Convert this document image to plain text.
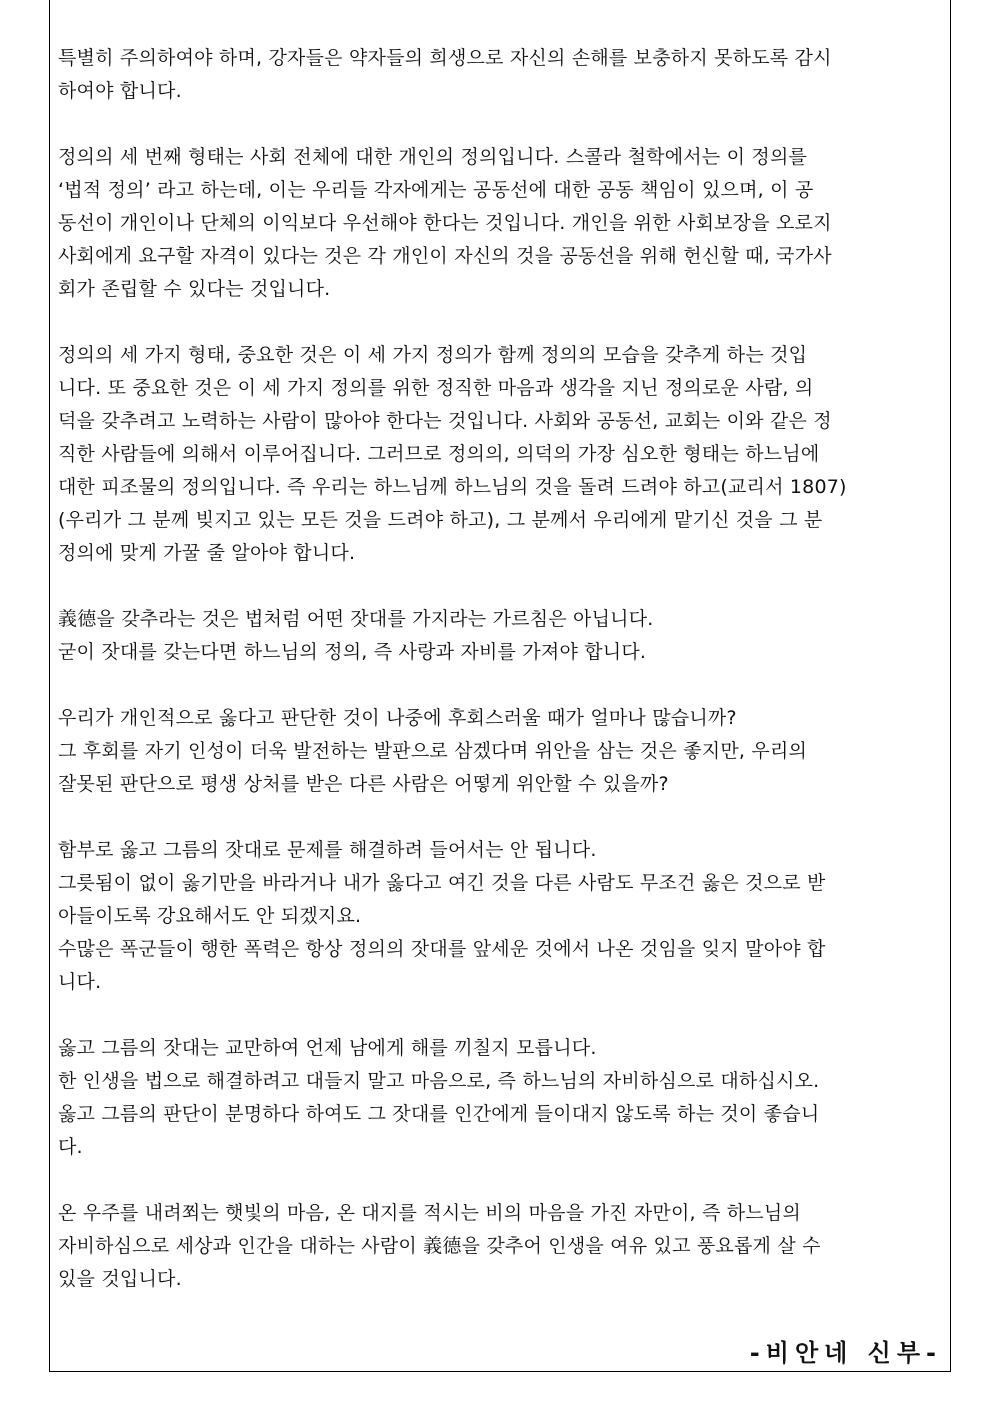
특별히 주의하여야 하며, 강자들은 약자들의 희생으로 자신의 손해를 보충하지 못하도록 감시
하여야 합니다.

정의의 세 번째 형태는 사회 전체에 대한 개인의 정의입니다. 스콜라 철학에서는 이 정의를
‘법적 정의’ 라고 하는데, 이는 우리들 각자에게는 공동선에 대한 공동 책임이 있으며, 이 공
동선이 개인이나 단체의 이익보다 우선해야 한다는 것입니다. 개인을 위한 사회보장을 오로지
사회에게 요구할 자격이 있다는 것은 각 개인이 자신의 것을 공동선을 위해 헌신할 때, 국가사
회가 존립할 수 있다는 것입니다.

정의의 세 가지 형태, 중요한 것은 이 세 가지 정의가 함께 정의의 모습을 갖추게 하는 것입
니다. 또 중요한 것은 이 세 가지 정의를 위한 정직한 마음과 생각을 지닌 정의로운 사람, 의
덕을 갖추려고 노력하는 사람이 많아야 한다는 것입니다. 사회와 공동선, 교회는 이와 같은 정
직한 사람들에 의해서 이루어집니다. 그러므로 정의의, 의덕의 가장 심오한 형태는 하느님에
대한 피조물의 정의입니다. 즉 우리는 하느님께 하느님의 것을 돌려 드려야 하고(교리서 1807)
(우리가 그 분께 빚지고 있는 모든 것을 드려야 하고), 그 분께서 우리에게 맡기신 것을 그 분
정의에 맞게 가꿀 줄 알아야 합니다.

義德을 갖추라는 것은 법처럼 어떤 잣대를 가지라는 가르침은 아닙니다.
굳이 잣대를 갖는다면 하느님의 정의, 즉 사랑과 자비를 가져야 합니다.

우리가 개인적으로 옳다고 판단한 것이 나중에 후회스러울 때가 얼마나 많습니까?
그 후회를 자기 인성이 더욱 발전하는 발판으로 삼겠다며 위안을 삼는 것은 좋지만, 우리의
잘못된 판단으로 평생 상처를 받은 다른 사람은 어떻게 위안할 수 있을까?

함부로 옳고 그름의 잣대로 문제를 해결하려 들어서는 안 됩니다.
그릇됨이 없이 옳기만을 바라거나 내가 옳다고 여긴 것을 다른 사람도 무조건 옳은 것으로 받
아들이도록 강요해서도 안 되겠지요.
수많은 폭군들이 행한 폭력은 항상 정의의 잣대를 앞세운 것에서 나온 것임을 잊지 말아야 합
니다.

옳고 그름의 잣대는 교만하여 언제 남에게 해를 끼칠지 모릅니다.
한 인생을 법으로 해결하려고 대들지 말고 마음으로, 즉 하느님의 자비하심으로 대하십시오.
옳고 그름의 판단이 분명하다 하여도 그 잣대를 인간에게 들이대지 않도록 하는 것이 좋습니
다.

온 우주를 내려쬐는 햇빛의 마음, 온 대지를 적시는 비의 마음을 가진 자만이, 즉 하느님의
자비하심으로 세상과 인간을 대하는 사람이 義德을 갖추어 인생을 여유 있고 풍요롭게 살 수
있을 것입니다.

-비안네 신부-
